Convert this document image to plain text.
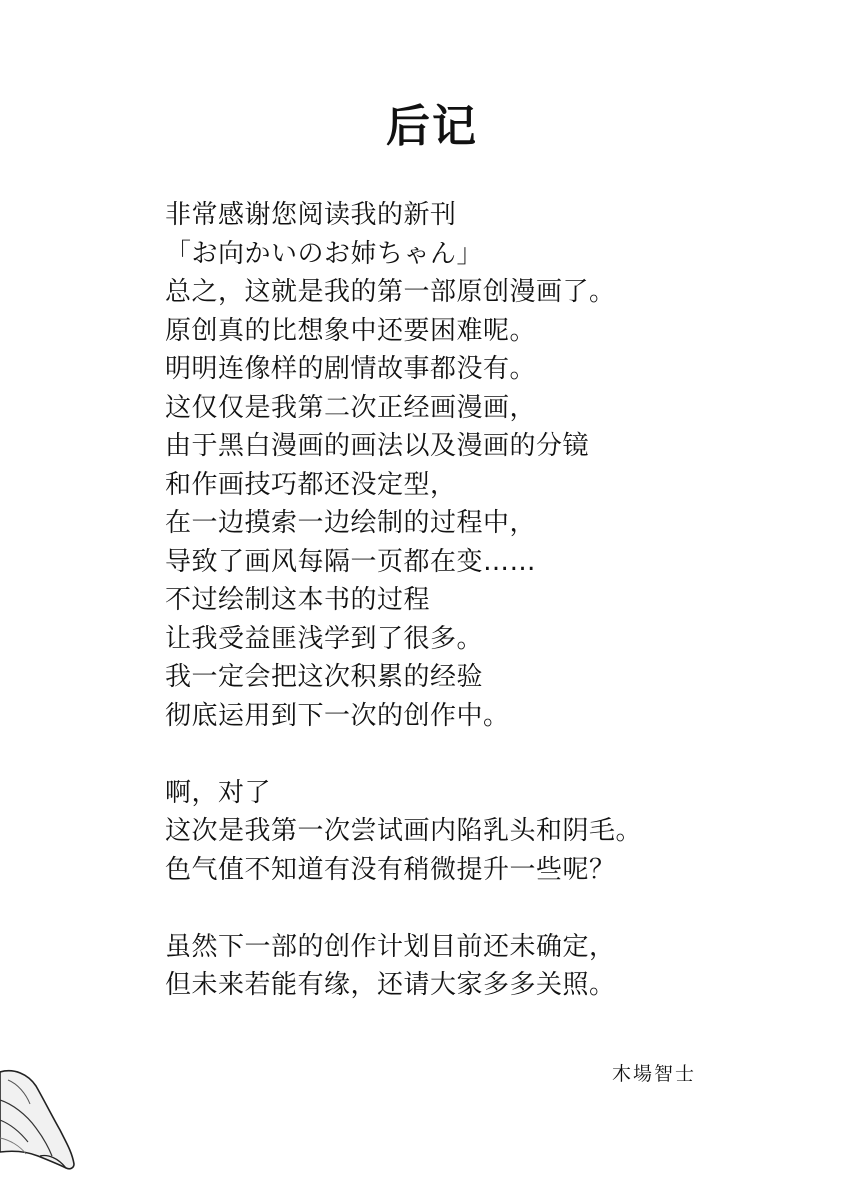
后记

非常感谢您阅读我的新刊
「お向かいのお姉ちゃん」
总之，这就是我的第一部原创漫画了。
原创真的比想象中还要困难呢。
明明连像样的剧情故事都没有。
这仅仅是我第二次正经画漫画，
由于黑白漫画的画法以及漫画的分镜
和作画技巧都还没定型，
在一边摸索一边绘制的过程中，
导致了画风每隔一页都在变……
不过绘制这本书的过程
让我受益匪浅学到了很多。
我一定会把这次积累的经验
彻底运用到下一次的创作中。

啊，对了
这次是我第一次尝试画内陷乳头和阴毛。
色气值不知道有没有稍微提升一些呢？

虽然下一部的创作计划目前还未确定，
但未来若能有缘，还请大家多多关照。

木場智士
